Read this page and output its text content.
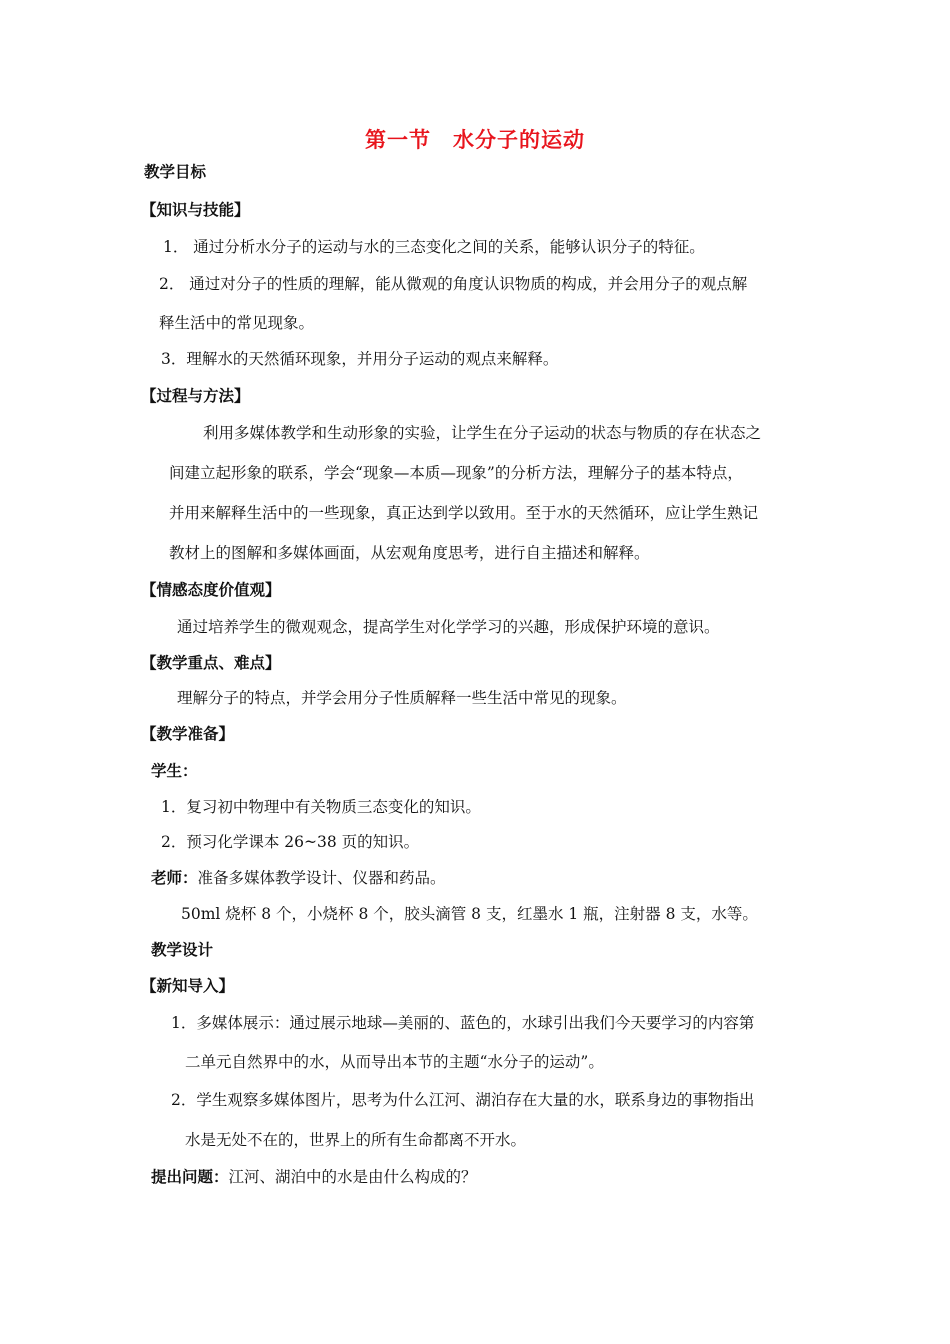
第一节　水分子的运动
教学目标
【知识与技能】
1． 通过分析水分子的运动与水的三态变化之间的关系，能够认识分子的特征。
2． 通过对分子的性质的理解，能从微观的角度认识物质的构成，并会用分子的观点解
释生活中的常见现象。
3．理解水的天然循环现象，并用分子运动的观点来解释。
【过程与方法】
利用多媒体教学和生动形象的实验，让学生在分子运动的状态与物质的存在状态之
间建立起形象的联系，学会“现象—本质—现象”的分析方法，理解分子的基本特点，
并用来解释生活中的一些现象，真正达到学以致用。至于水的天然循环，应让学生熟记
教材上的图解和多媒体画面，从宏观角度思考，进行自主描述和解释。
【情感态度价值观】
通过培养学生的微观观念，提高学生对化学学习的兴趣，形成保护环境的意识。
【教学重点、难点】
理解分子的特点，并学会用分子性质解释一些生活中常见的现象。
【教学准备】
学生：
1．复习初中物理中有关物质三态变化的知识。
2．预习化学课本 26~38 页的知识。
老师：准备多媒体教学设计、仪器和药品。
50ml 烧杯 8 个，小烧杯 8 个，胶头滴管 8 支，红墨水 1 瓶，注射器 8 支，水等。
教学设计
【新知导入】
1．多媒体展示：通过展示地球—美丽的、蓝色的，水球引出我们今天要学习的内容第
二单元自然界中的水，从而导出本节的主题“水分子的运动”。
2．学生观察多媒体图片，思考为什么江河、湖泊存在大量的水，联系身边的事物指出
水是无处不在的，世界上的所有生命都离不开水。
提出问题：江河、湖泊中的水是由什么构成的？
